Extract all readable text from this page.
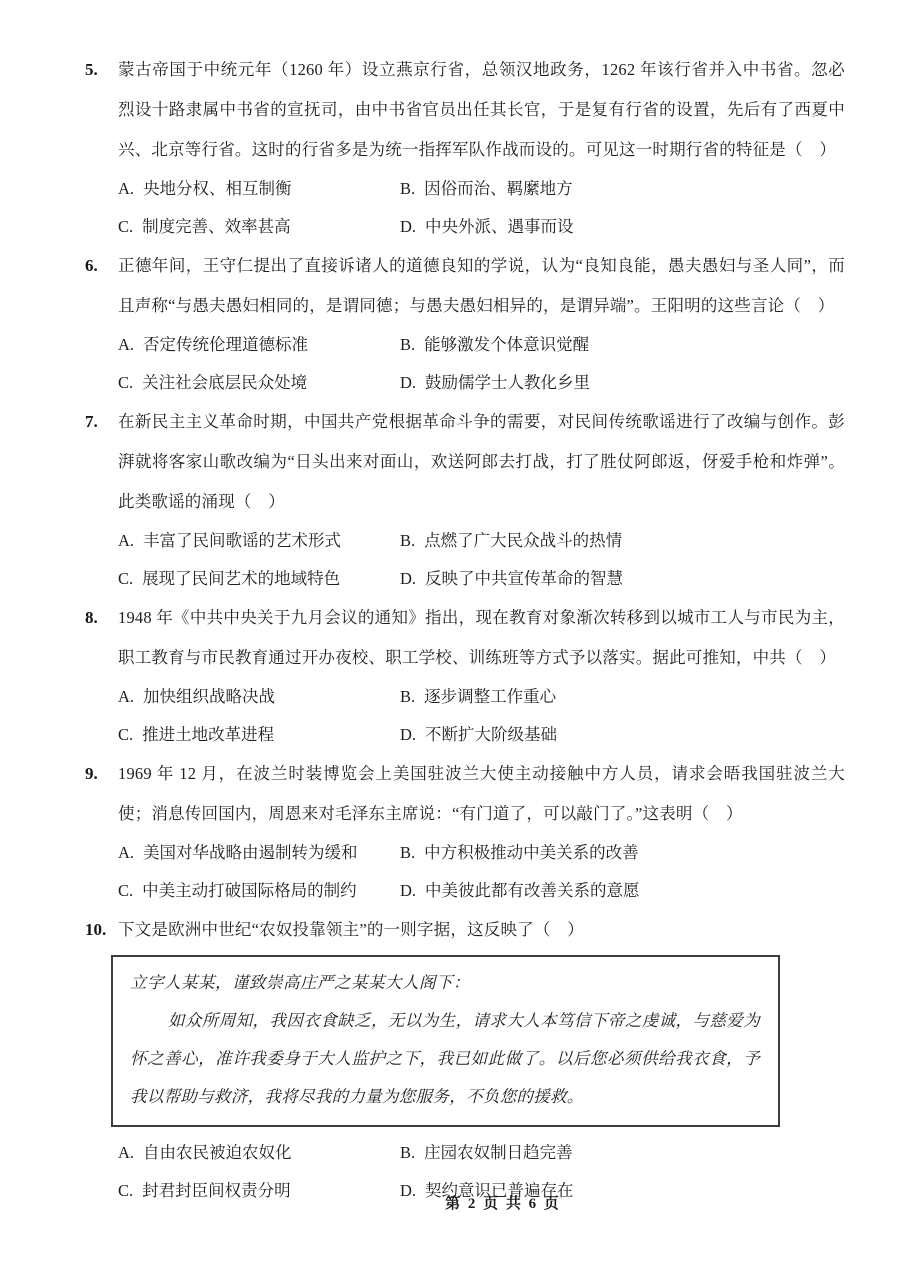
5.	蒙古帝国于中统元年（1260 年）设立燕京行省，总领汉地政务，1262 年该行省并入中书省。忽必烈设十路隶属中书省的宣抚司，由中书省官员出任其长官，于是复有行省的设置，先后有了西夏中兴、北京等行省。这时的行省多是为统一指挥军队作战而设的。可见这一时期行省的特征是（　）

A. 央地分权、相互制衡	B. 因俗而治、羁縻地方
C. 制度完善、效率甚高	D. 中央外派、遇事而设
6.	正德年间，王守仁提出了直接诉诸人的道德良知的学说，认为“良知良能，愚夫愚妇与圣人同”，而且声称“与愚夫愚妇相同的，是谓同德；与愚夫愚妇相异的，是谓异端”。王阳明的这些言论（　）

A. 否定传统伦理道德标准	B. 能够激发个体意识觉醒
C. 关注社会底层民众处境	D. 鼓励儒学士人教化乡里
7.	在新民主主义革命时期，中国共产党根据革命斗争的需要，对民间传统歌谣进行了改编与创作。彭湃就将客家山歌改编为“日头出来对面山，欢送阿郎去打战，打了胜仗阿郎返，伢爱手枪和炸弹”。此类歌谣的涌现（　）

A. 丰富了民间歌谣的艺术形式	B. 点燃了广大民众战斗的热情
C. 展现了民间艺术的地域特色	D. 反映了中共宣传革命的智慧
8.	1948 年《中共中央关于九月会议的通知》指出，现在教育对象渐次转移到以城市工人与市民为主，职工教育与市民教育通过开办夜校、职工学校、训练班等方式予以落实。据此可推知，中共（　）

A. 加快组织战略决战	B. 逐步调整工作重心
C. 推进土地改革进程	D. 不断扩大阶级基础
9.	1969 年 12 月，在波兰时装博览会上美国驻波兰大使主动接触中方人员，请求会晤我国驻波兰大使；消息传回国内，周恩来对毛泽东主席说：“有门道了，可以敲门了。”这表明（　）

A. 美国对华战略由遏制转为缓和	B. 中方积极推动中美关系的改善
C. 中美主动打破国际格局的制约	D. 中美彼此都有改善关系的意愿
10. 下文是欧洲中世纪“农奴投靠领主”的一则字据，这反映了（　）

立字人某某，谨致崇高庄严之某某大人阁下：

如众所周知，我因衣食缺乏，无以为生，请求大人本笃信下帝之虔诚，与慈爱为怀之善心，准许我委身于大人监护之下，我已如此做了。以后您必须供给我衣食，予我以帮助与救济，我将尽我的力量为您服务，不负您的援救。

A. 自由农民被迫农奴化	B. 庄园农奴制日趋完善
C. 封君封臣间权责分明	D. 契约意识已普遍存在
第 2 页 共 6 页
